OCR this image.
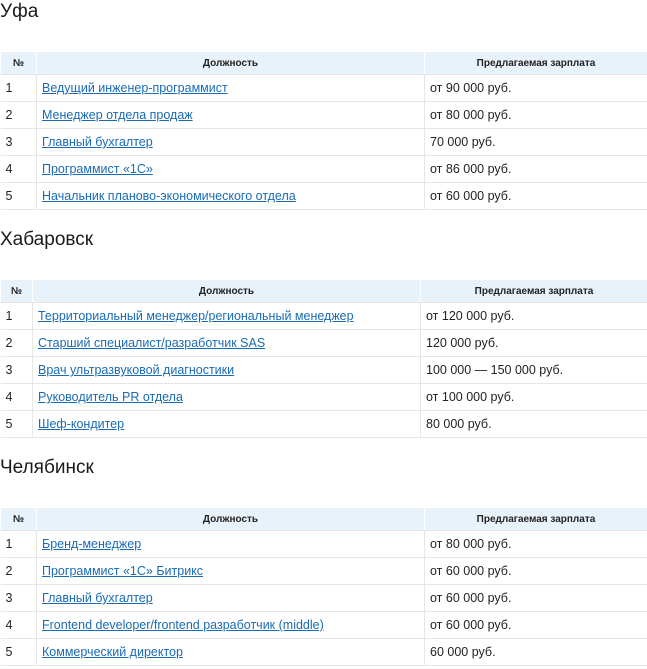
Уфа
№	Должность	Предлагаемая зарплата
1	Ведущий инженер-программист	от 90 000 руб.
2	Менеджер отдела продаж	от 80 000 руб.
3	Главный бухгалтер	70 000 руб.
4	Программист «1С»	от 86 000 руб.
5	Начальник планово-экономического отдела	от 60 000 руб.
Хабаровск
№	Должность	Предлагаемая зарплата
1	Территориальный менеджер/региональный менеджер	от 120 000 руб.
2	Старший специалист/разработчик SAS	120 000 руб.
3	Врач ультразвуковой диагностики	100 000 — 150 000 руб.
4	Руководитель PR отдела	от 100 000 руб.
5	Шеф-кондитер	80 000 руб.
Челябинск
№	Должность	Предлагаемая зарплата
1	Бренд-менеджер	от 80 000 руб.
2	Программист «1С» Битрикс	от 60 000 руб.
3	Главный бухгалтер	от 60 000 руб.
4	Frontend developer/frontend разработчик (middle)	от 60 000 руб.
5	Коммерческий директор	60 000 руб.
